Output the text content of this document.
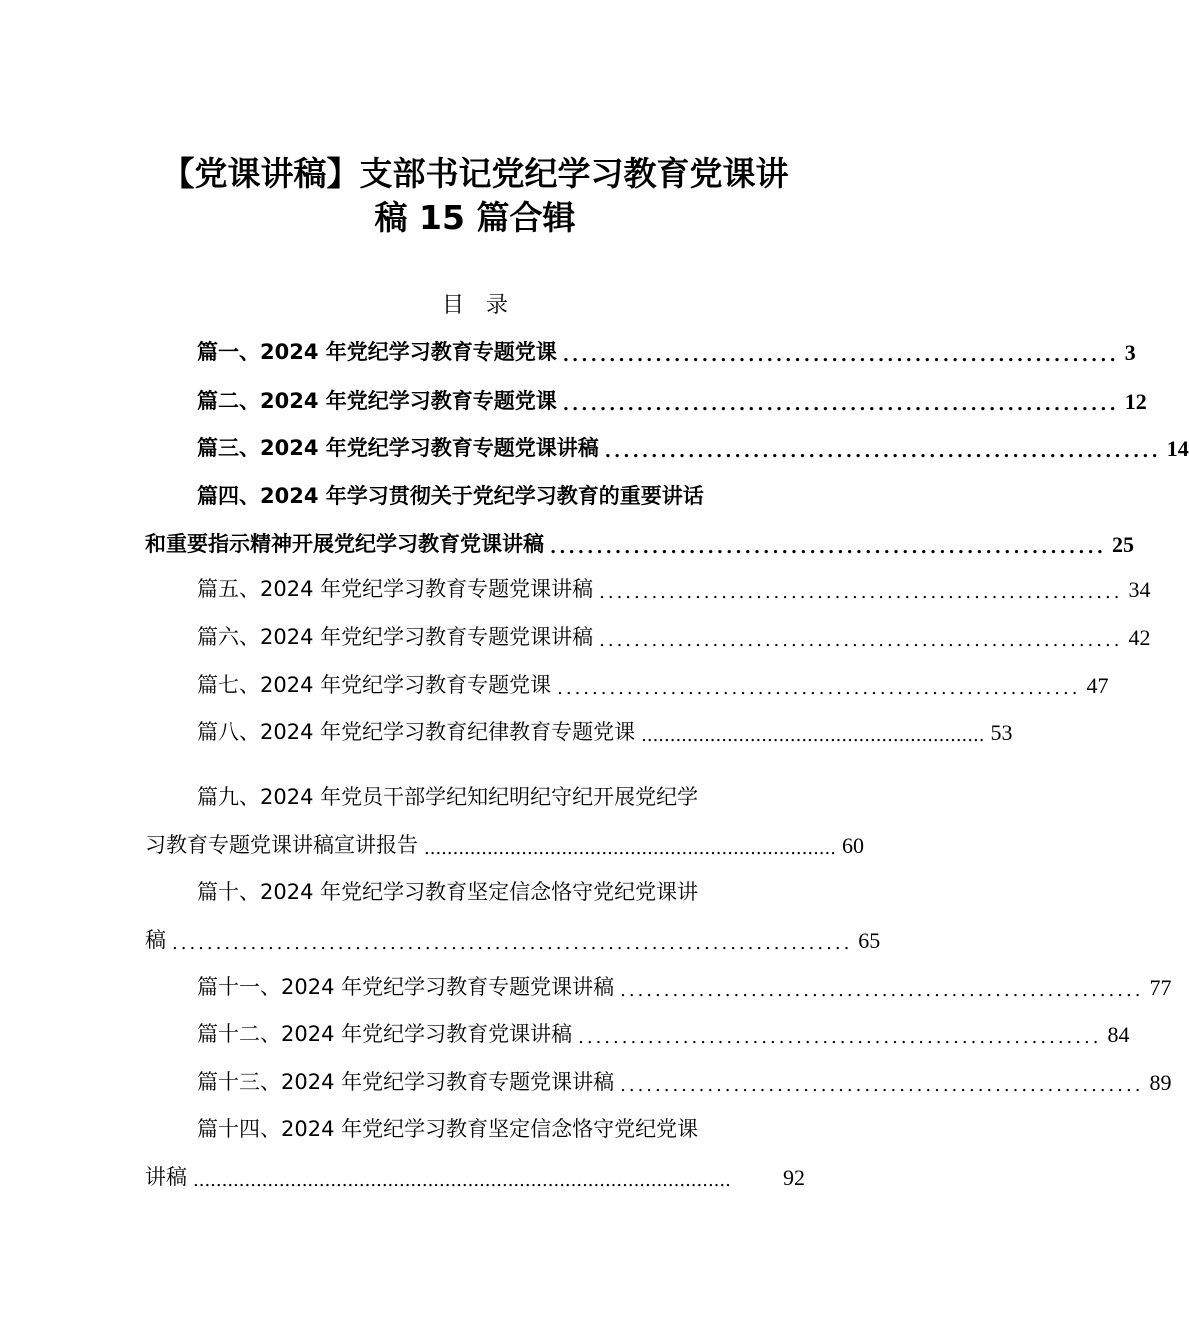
【党课讲稿】支部书记党纪学习教育党课讲
稿 15 篇合辑
目录
篇一、2024 年党纪学习教育专题党课 ............................................................ 3
篇二、2024 年党纪学习教育专题党课 ............................................................ 12
篇三、2024 年党纪学习教育专题党课讲稿 ............................................................ 14
篇四、2024 年学习贯彻关于党纪学习教育的重要讲话
和重要指示精神开展党纪学习教育党课讲稿 ............................................................ 25
篇五、2024 年党纪学习教育专题党课讲稿 ............................................................ 34
篇六、2024 年党纪学习教育专题党课讲稿 ............................................................ 42
篇七、2024 年党纪学习教育专题党课 ............................................................ 47
篇八、2024 年党纪学习教育纪律教育专题党课 ............................................................ 53
篇九、2024 年党员干部学纪知纪明纪守纪开展党纪学
习教育专题党课讲稿宣讲报告 ........................................................................ 60
篇十、2024 年党纪学习教育坚定信念恪守党纪党课讲
稿 .............................................................................. 65
篇十一、2024 年党纪学习教育专题党课讲稿 ............................................................ 77
篇十二、2024 年党纪学习教育党课讲稿 ............................................................ 84
篇十三、2024 年党纪学习教育专题党课讲稿 ............................................................ 89
篇十四、2024 年党纪学习教育坚定信念恪守党纪党课
讲稿 ..............................................................................................	92
